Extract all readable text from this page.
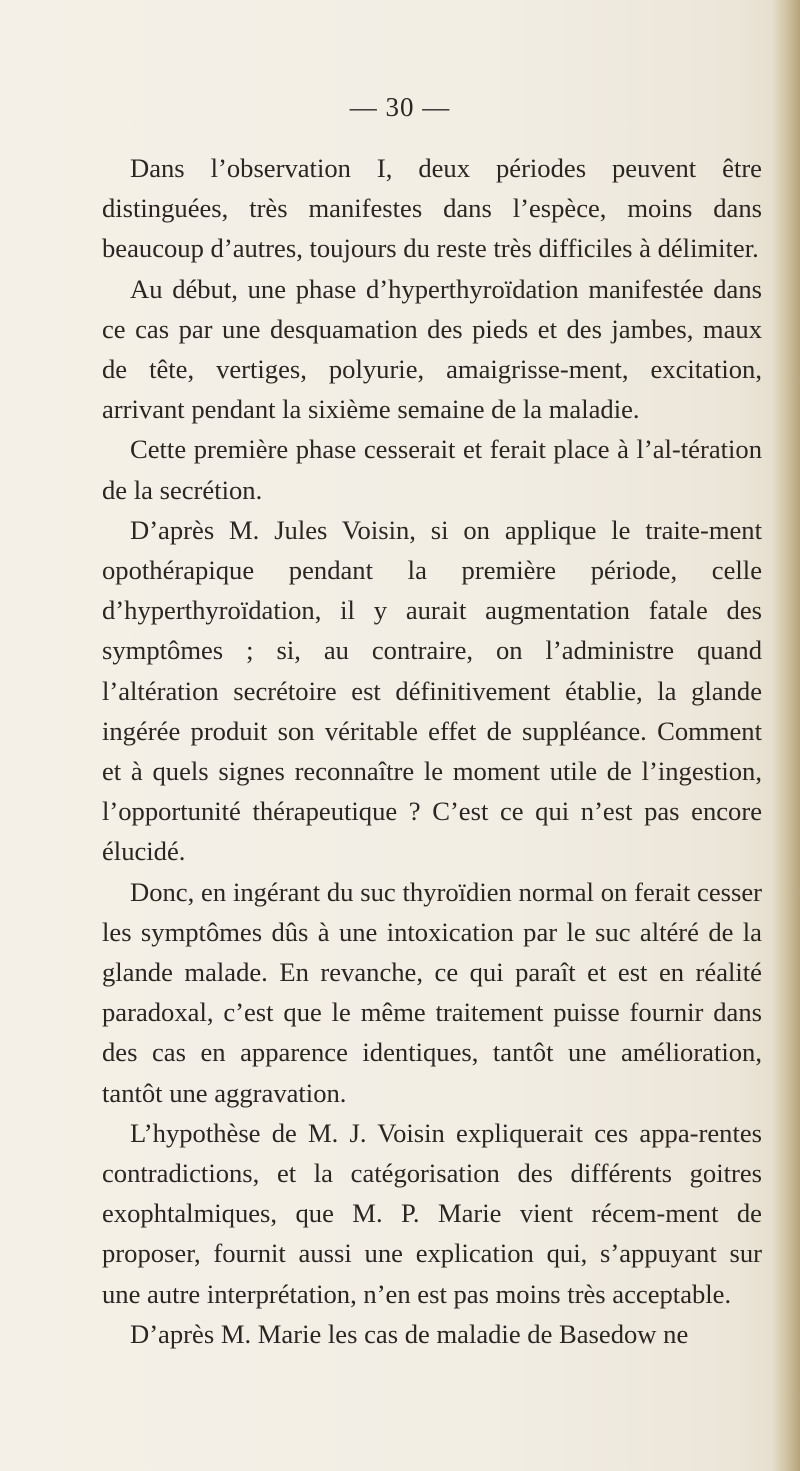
— 30 —

Dans l’observation I, deux périodes peuvent être distinguées, très manifestes dans l’espèce, moins dans beaucoup d’autres, toujours du reste très difficiles à délimiter.

Au début, une phase d’hyperthyroïdation manifestée dans ce cas par une desquamation des pieds et des jambes, maux de tête, vertiges, polyurie, amaigrisse-ment, excitation, arrivant pendant la sixième semaine de la maladie.

Cette première phase cesserait et ferait place à l’al-tération de la secrétion.

D’après M. Jules Voisin, si on applique le traite-ment opothérapique pendant la première période, celle d’hyperthyroïdation, il y aurait augmentation fatale des symptômes ; si, au contraire, on l’administre quand l’altération secrétoire est définitivement établie, la glande ingérée produit son véritable effet de suppléance. Comment et à quels signes reconnaître le moment utile de l’ingestion, l’opportunité thérapeutique ? C’est ce qui n’est pas encore élucidé.

Donc, en ingérant du suc thyroïdien normal on ferait cesser les symptômes dûs à une intoxication par le suc altéré de la glande malade. En revanche, ce qui paraît et est en réalité paradoxal, c’est que le même traitement puisse fournir dans des cas en apparence identiques, tantôt une amélioration, tantôt une aggravation.

L’hypothèse de M. J. Voisin expliquerait ces appa-rentes contradictions, et la catégorisation des différents goitres exophtalmiques, que M. P. Marie vient récem-ment de proposer, fournit aussi une explication qui, s’appuyant sur une autre interprétation, n’en est pas moins très acceptable.

D’après M. Marie les cas de maladie de Basedow ne
